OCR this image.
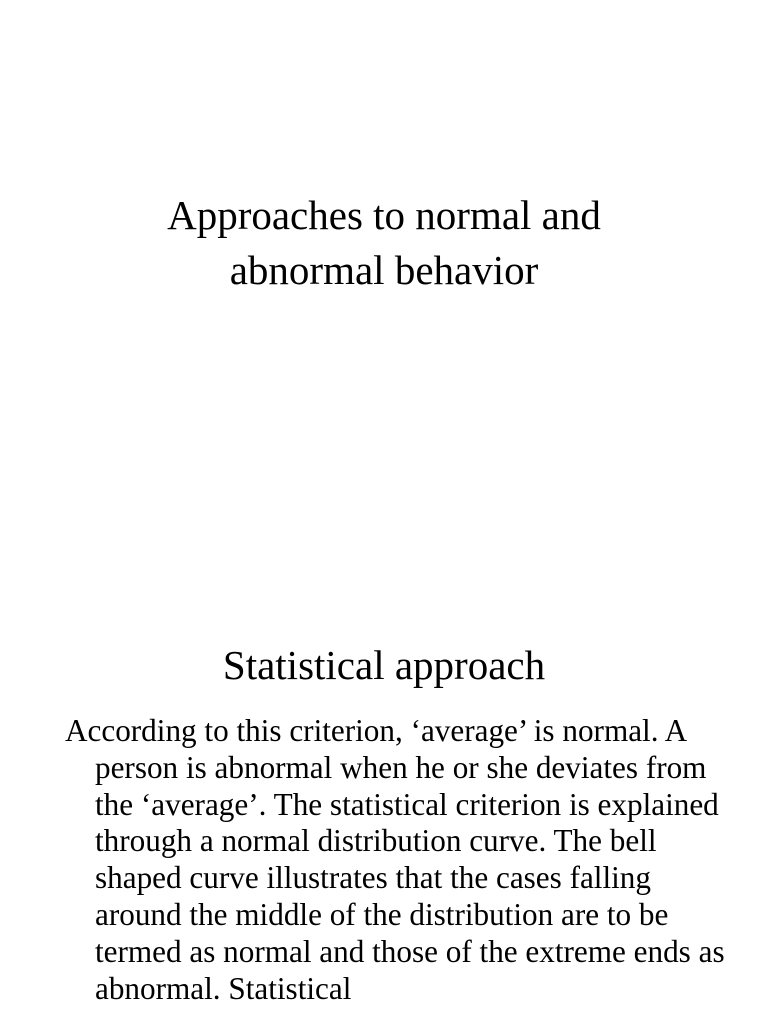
Approaches to normal and
abnormal behavior
Statistical approach

According to this criterion, ‘average’ is normal. A person is abnormal when he or she deviates from the ‘average’. The statistical criterion is explained through a normal distribution curve. The bell shaped curve illustrates that the cases falling around the middle of the distribution are to be termed as normal and those of the extreme ends as abnormal. Statistical
